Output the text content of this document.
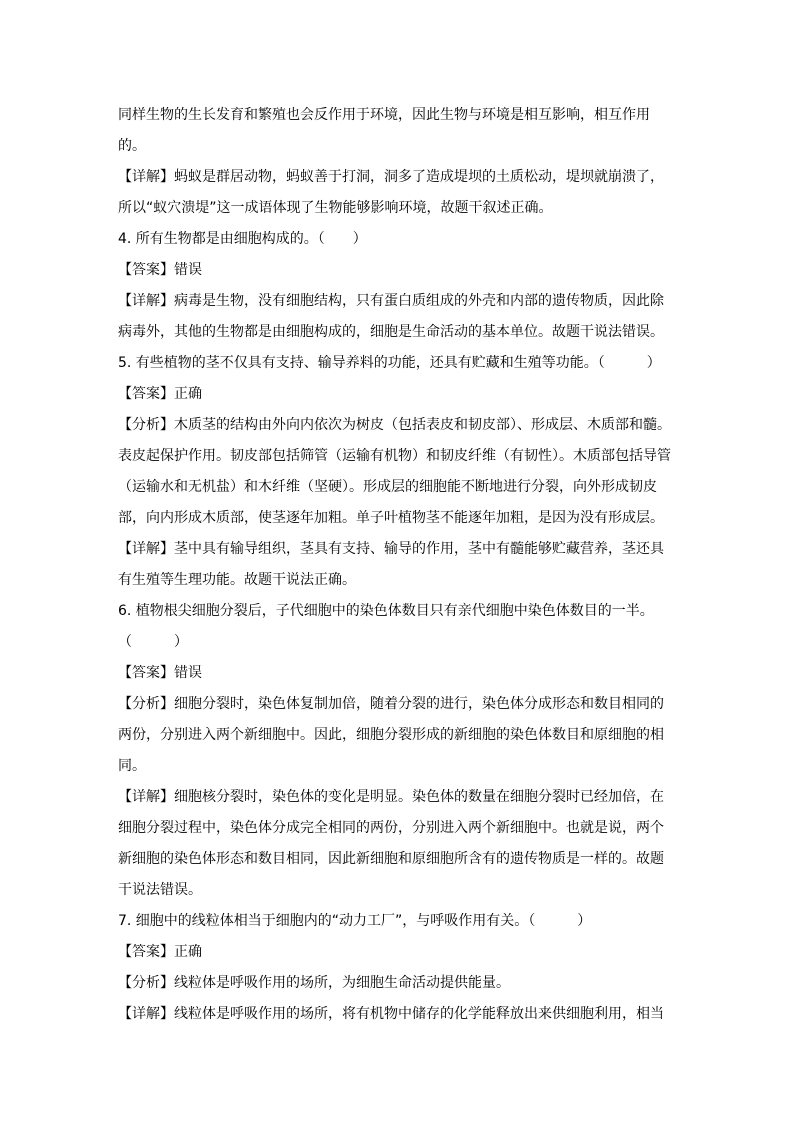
同样生物的生长发育和繁殖也会反作用于环境，因此生物与环境是相互影响，相互作用
的。
【详解】蚂蚁是群居动物，蚂蚁善于打洞，洞多了造成堤坝的土质松动，堤坝就崩溃了，
所以“蚁穴溃堤”这一成语体现了生物能够影响环境，故题干叙述正确。
4. 所有生物都是由细胞构成的。（　　）
【答案】错误
【详解】病毒是生物，没有细胞结构，只有蛋白质组成的外壳和内部的遗传物质，因此除
病毒外，其他的生物都是由细胞构成的，细胞是生命活动的基本单位。故题干说法错误。
5. 有些植物的茎不仅具有支持、输导养料的功能，还具有贮藏和生殖等功能。（　　　）
【答案】正确
【分析】木质茎的结构由外向内依次为树皮（包括表皮和韧皮部）、形成层、木质部和髓。
表皮起保护作用。韧皮部包括筛管（运输有机物）和韧皮纤维（有韧性）。木质部包括导管
（运输水和无机盐）和木纤维（坚硬）。形成层的细胞能不断地进行分裂，向外形成韧皮
部，向内形成木质部，使茎逐年加粗。单子叶植物茎不能逐年加粗，是因为没有形成层。
【详解】茎中具有输导组织，茎具有支持、输导的作用，茎中有髓能够贮藏营养，茎还具
有生殖等生理功能。故题干说法正确。
6. 植物根尖细胞分裂后，子代细胞中的染色体数目只有亲代细胞中染色体数目的一半。
（　　　）
【答案】错误
【分析】细胞分裂时，染色体复制加倍，随着分裂的进行，染色体分成形态和数目相同的
两份，分别进入两个新细胞中。因此，细胞分裂形成的新细胞的染色体数目和原细胞的相
同。
【详解】细胞核分裂时，染色体的变化是明显。染色体的数量在细胞分裂时已经加倍，在
细胞分裂过程中，染色体分成完全相同的两份，分别进入两个新细胞中。也就是说，两个
新细胞的染色体形态和数目相同，因此新细胞和原细胞所含有的遗传物质是一样的。故题
干说法错误。
7. 细胞中的线粒体相当于细胞内的“动力工厂”，与呼吸作用有关。（　　　）
【答案】正确
【分析】线粒体是呼吸作用的场所，为细胞生命活动提供能量。
【详解】线粒体是呼吸作用的场所，将有机物中储存的化学能释放出来供细胞利用，相当
